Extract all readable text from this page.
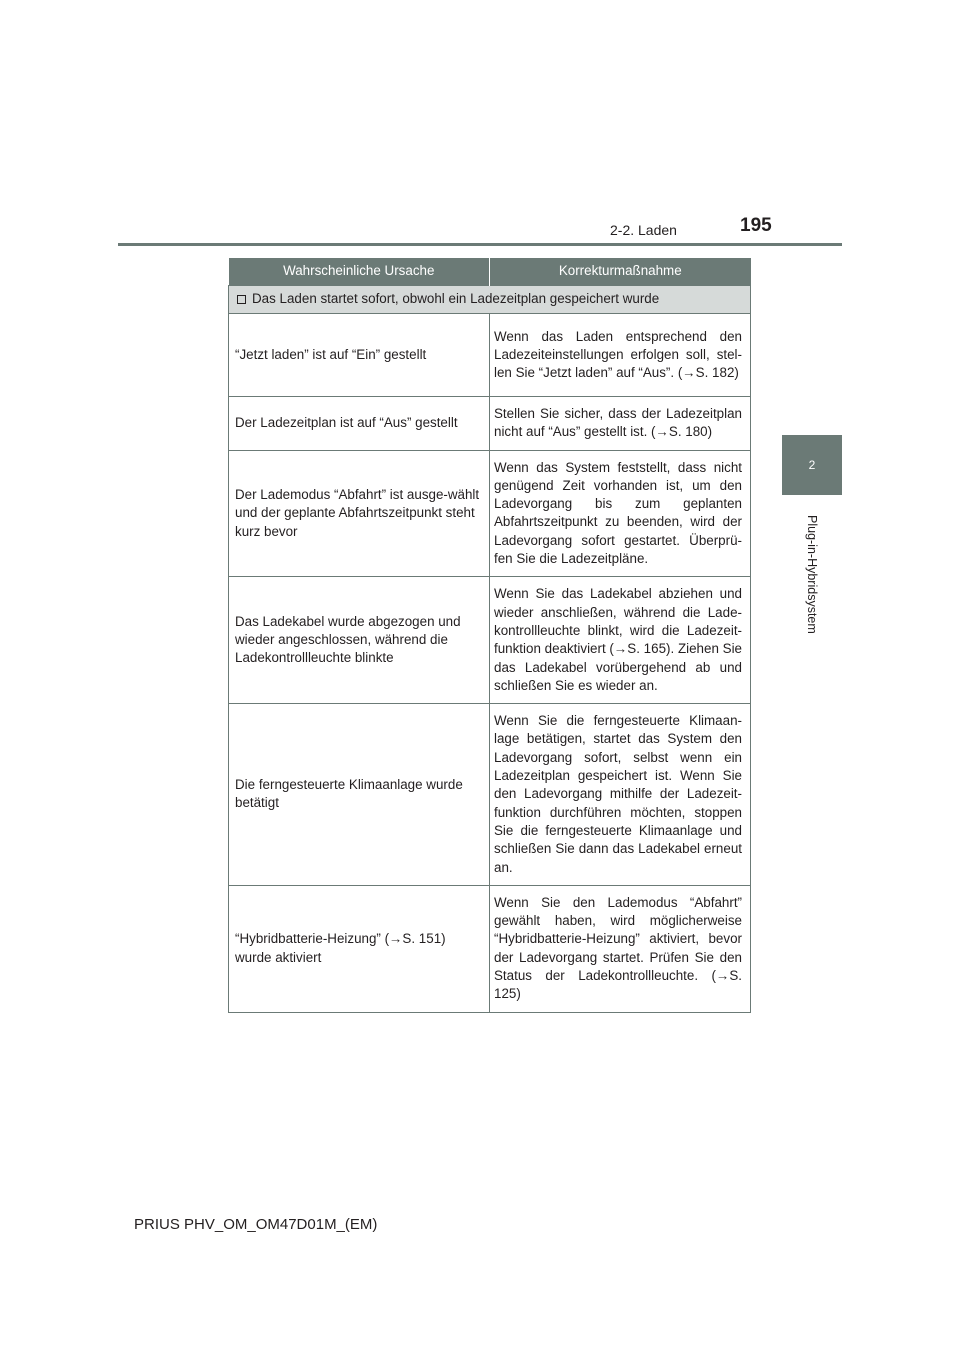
2-2. Laden	195
2
Plug-in-Hybridsystem
Wahrscheinliche Ursache	Korrekturmaßnahme
Das Laden startet sofort, obwohl ein Ladezeitplan gespeichert wurde	
“Jetzt laden” ist auf “Ein” gestellt	Wenn das Laden entsprechend den Ladezeiteinstellungen erfolgen soll, stel-len Sie “Jetzt laden” auf “Aus”. (→S. 182)
Der Ladezeitplan ist auf “Aus” gestellt	Stellen Sie sicher, dass der Ladezeitplan nicht auf “Aus” gestellt ist. (→S. 180)
Der Lademodus “Abfahrt” ist ausge-wählt und der geplante Abfahrtszeitpunkt steht kurz bevor	Wenn das System feststellt, dass nicht genügend Zeit vorhanden ist, um den Ladevorgang bis zum geplanten Abfahrtszeitpunkt zu beenden, wird der Ladevorgang sofort gestartet. Überprü-fen Sie die Ladezeitpläne.
Das Ladekabel wurde abgezogen und wieder angeschlossen, während die Ladekontrollleuchte blinkte	Wenn Sie das Ladekabel abziehen und wieder anschließen, während die Lade-kontrollleuchte blinkt, wird die Ladezeit-funktion deaktiviert (→S. 165). Ziehen Sie das Ladekabel vorübergehend ab und schließen Sie es wieder an.
Die ferngesteuerte Klimaanlage wurde betätigt	Wenn Sie die ferngesteuerte Klimaan-lage betätigen, startet das System den Ladevorgang sofort, selbst wenn ein Ladezeitplan gespeichert ist. Wenn Sie den Ladevorgang mithilfe der Ladezeit-funktion durchführen möchten, stoppen Sie die ferngesteuerte Klimaanlage und schließen Sie dann das Ladekabel erneut an.
“Hybridbatterie-Heizung” (→S. 151) wurde aktiviert	Wenn Sie den Lademodus “Abfahrt” gewählt haben, wird möglicherweise “Hybridbatterie-Heizung” aktiviert, bevor der Ladevorgang startet. Prüfen Sie den Status der Ladekontrollleuchte. (→S. 125)
PRIUS PHV_OM_OM47D01M_(EM)
